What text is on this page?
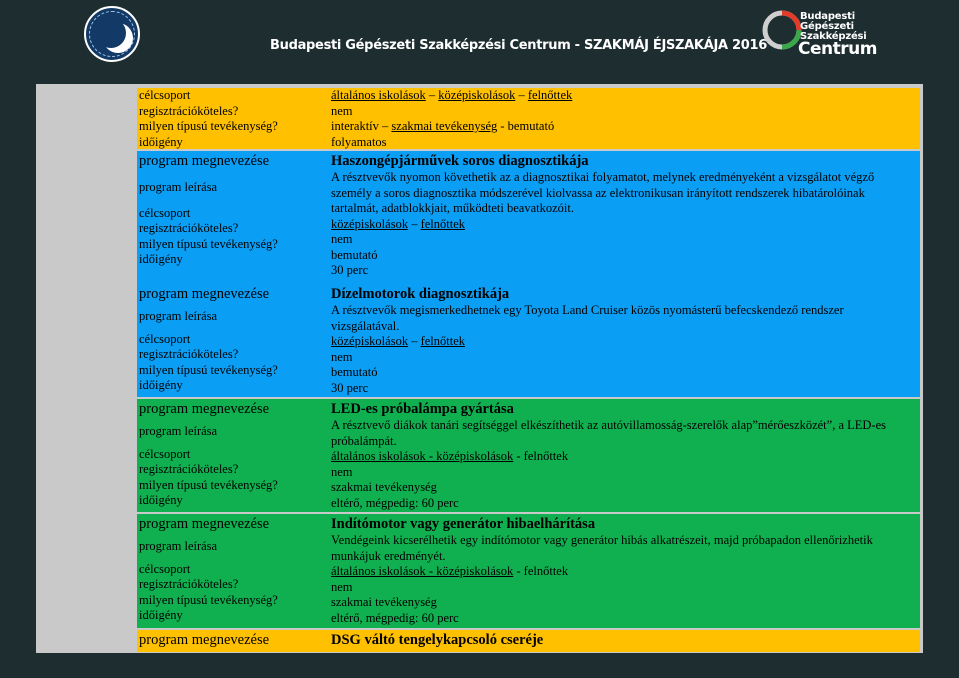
Budapesti Gépészeti Szakképzési Centrum - SZAKMÁJ ÉJSZAKÁJA 2016
Budapesti
Gépészeti
Szakképzési
Centrum
célcsoport
regisztrációköteles?
milyen típusú tevékenység?
időigény
általános iskolások – középiskolások – felnőttek
nem
interaktív – szakmai tevékenység - bemutató
folyamatos
program megnevezése
program leírása
célcsoport
regisztrációköteles?
milyen típusú tevékenység?
időigény
Haszongépjárművek soros diagnosztikája
A résztvevők nyomon követhetik az a diagnosztikai folyamatot, melynek eredményeként a vizsgálatot végző személy a soros diagnosztika módszerével kiolvassa az elektronikusan irányított rendszerek hibatárolóinak tartalmát, adatblokkjait, működteti beavatkozóit.
középiskolások – felnőttek
nem
bemutató
30 perc
program megnevezése
program leírása
célcsoport
regisztrációköteles?
milyen típusú tevékenység?
időigény
Dízelmotorok diagnosztikája
A résztvevők megismerkedhetnek egy Toyota Land Cruiser közös nyomásterű befecskendező rendszer vizsgálatával.
középiskolások – felnőttek
nem
bemutató
30 perc
program megnevezése
program leírása
célcsoport
regisztrációköteles?
milyen típusú tevékenység?
időigény
LED-es próbalámpa gyártása
A résztvevő diákok tanári segítséggel elkészíthetik az autóvillamosság-szerelők alap”mérőeszközét”, a LED-es próbalámpát.
általános iskolások - középiskolások - felnőttek
nem
szakmai tevékenység
eltérő, mégpedig: 60 perc
program megnevezése
program leírása
célcsoport
regisztrációköteles?
milyen típusú tevékenység?
időigény
Indítómotor vagy generátor hibaelhárítása
Vendégeink kicserélhetik egy indítómotor vagy generátor hibás alkatrészeit, majd próbapadon ellenőrizhetik munkájuk eredményét.
általános iskolások - középiskolások - felnőttek
nem
szakmai tevékenység
eltérő, mégpedig: 60 perc
program megnevezése	DSG váltó tengelykapcsoló cseréje
